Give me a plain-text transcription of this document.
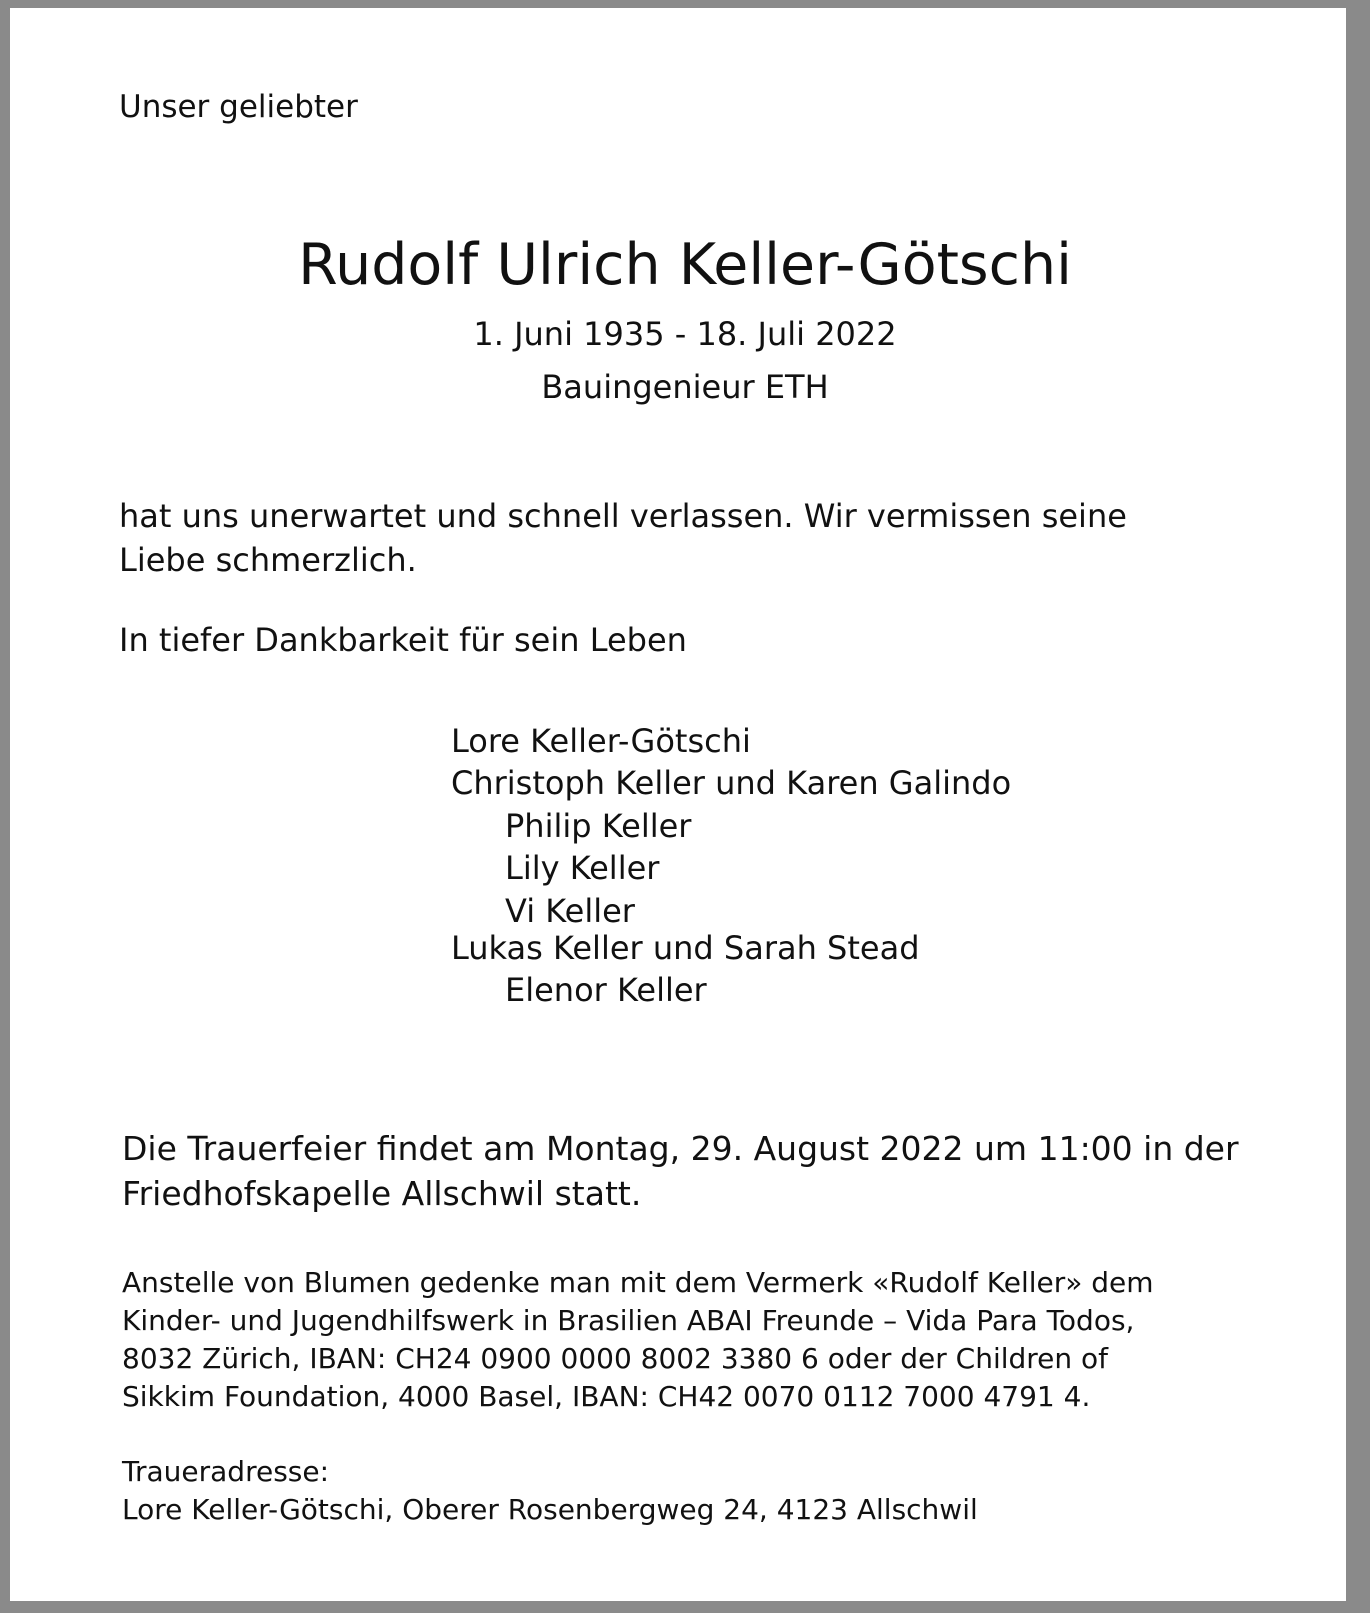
Unser geliebter

Rudolf Ulrich Keller-Götschi

1. Juni 1935 - 18. Juli 2022

Bauingenieur ETH

hat uns unerwartet und schnell verlassen. Wir vermissen seine
Liebe schmerzlich.

In tiefer Dankbarkeit für sein Leben

Lore Keller-Götschi

Christoph Keller und Karen Galindo

Philip Keller

Lily Keller

Vi Keller

Lukas Keller und Sarah Stead

Elenor Keller

Die Trauerfeier findet am Montag, 29. August 2022 um 11:00 in der
Friedhofskapelle Allschwil statt.
Anstelle von Blumen gedenke man mit dem Vermerk «Rudolf Keller» dem
Kinder- und Jugendhilfswerk in Brasilien ABAI Freunde – Vida Para Todos,
8032 Zürich, IBAN: CH24 0900 0000 8002 3380 6 oder der Children of
Sikkim Foundation, 4000 Basel, IBAN: CH42 0070 0112 7000 4791 4.

Traueradresse:

Lore Keller-Götschi, Oberer Rosenbergweg 24, 4123 Allschwil
